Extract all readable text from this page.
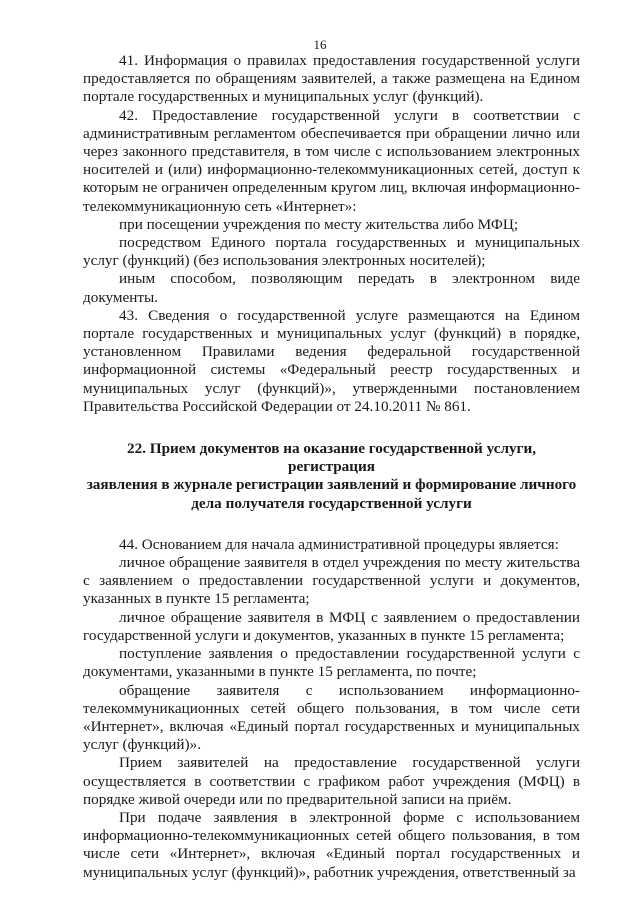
16

41. Информация о правилах предоставления государственной услуги предоставляется по обращениям заявителей, а также размещена на Едином портале государственных и муниципальных услуг (функций).

42. Предоставление государственной услуги в соответствии с административным регламентом обеспечивается при обращении лично или через законного представителя, в том числе с использованием электронных носителей и (или) информационно-телекоммуникационных сетей, доступ к которым не ограничен определенным кругом лиц, включая информационно-телекоммуникационную сеть «Интернет»:

при посещении учреждения по месту жительства либо МФЦ;

посредством Единого портала государственных и муниципальных услуг (функций) (без использования электронных носителей);

иным способом, позволяющим передать в электронном виде документы.

43. Сведения о государственной услуге размещаются на Едином портале государственных и муниципальных услуг (функций) в порядке, установленном Правилами ведения федеральной государственной информационной системы «Федеральный реестр государственных и муниципальных услуг (функций)», утвержденными постановлением Правительства Российской Федерации от 24.10.2011 № 861.

22. Прием документов на оказание государственной услуги, регистрация
заявления в журнале регистрации заявлений и формирование личного
дела получателя государственной услуги

44. Основанием для начала административной процедуры является:

личное обращение заявителя в отдел учреждения по месту жительства с заявлением о предоставлении государственной услуги и документов, указанных в пункте 15 регламента;

личное обращение заявителя в МФЦ с заявлением о предоставлении государственной услуги и документов, указанных в пункте 15 регламента;

поступление заявления о предоставлении государственной услуги с документами, указанными в пункте 15 регламента, по почте;

обращение заявителя с использованием информационно-телекоммуникационных сетей общего пользования, в том числе сети «Интернет», включая «Единый портал государственных и муниципальных услуг (функций)».

Прием заявителей на предоставление государственной услуги осуществляется в соответствии с графиком работ учреждения (МФЦ) в порядке живой очереди или по предварительной записи на приём.

При подаче заявления в электронной форме с использованием информационно-телекоммуникационных сетей общего пользования, в том числе сети «Интернет», включая «Единый портал государственных и муниципальных услуг (функций)», работник учреждения, ответственный за
